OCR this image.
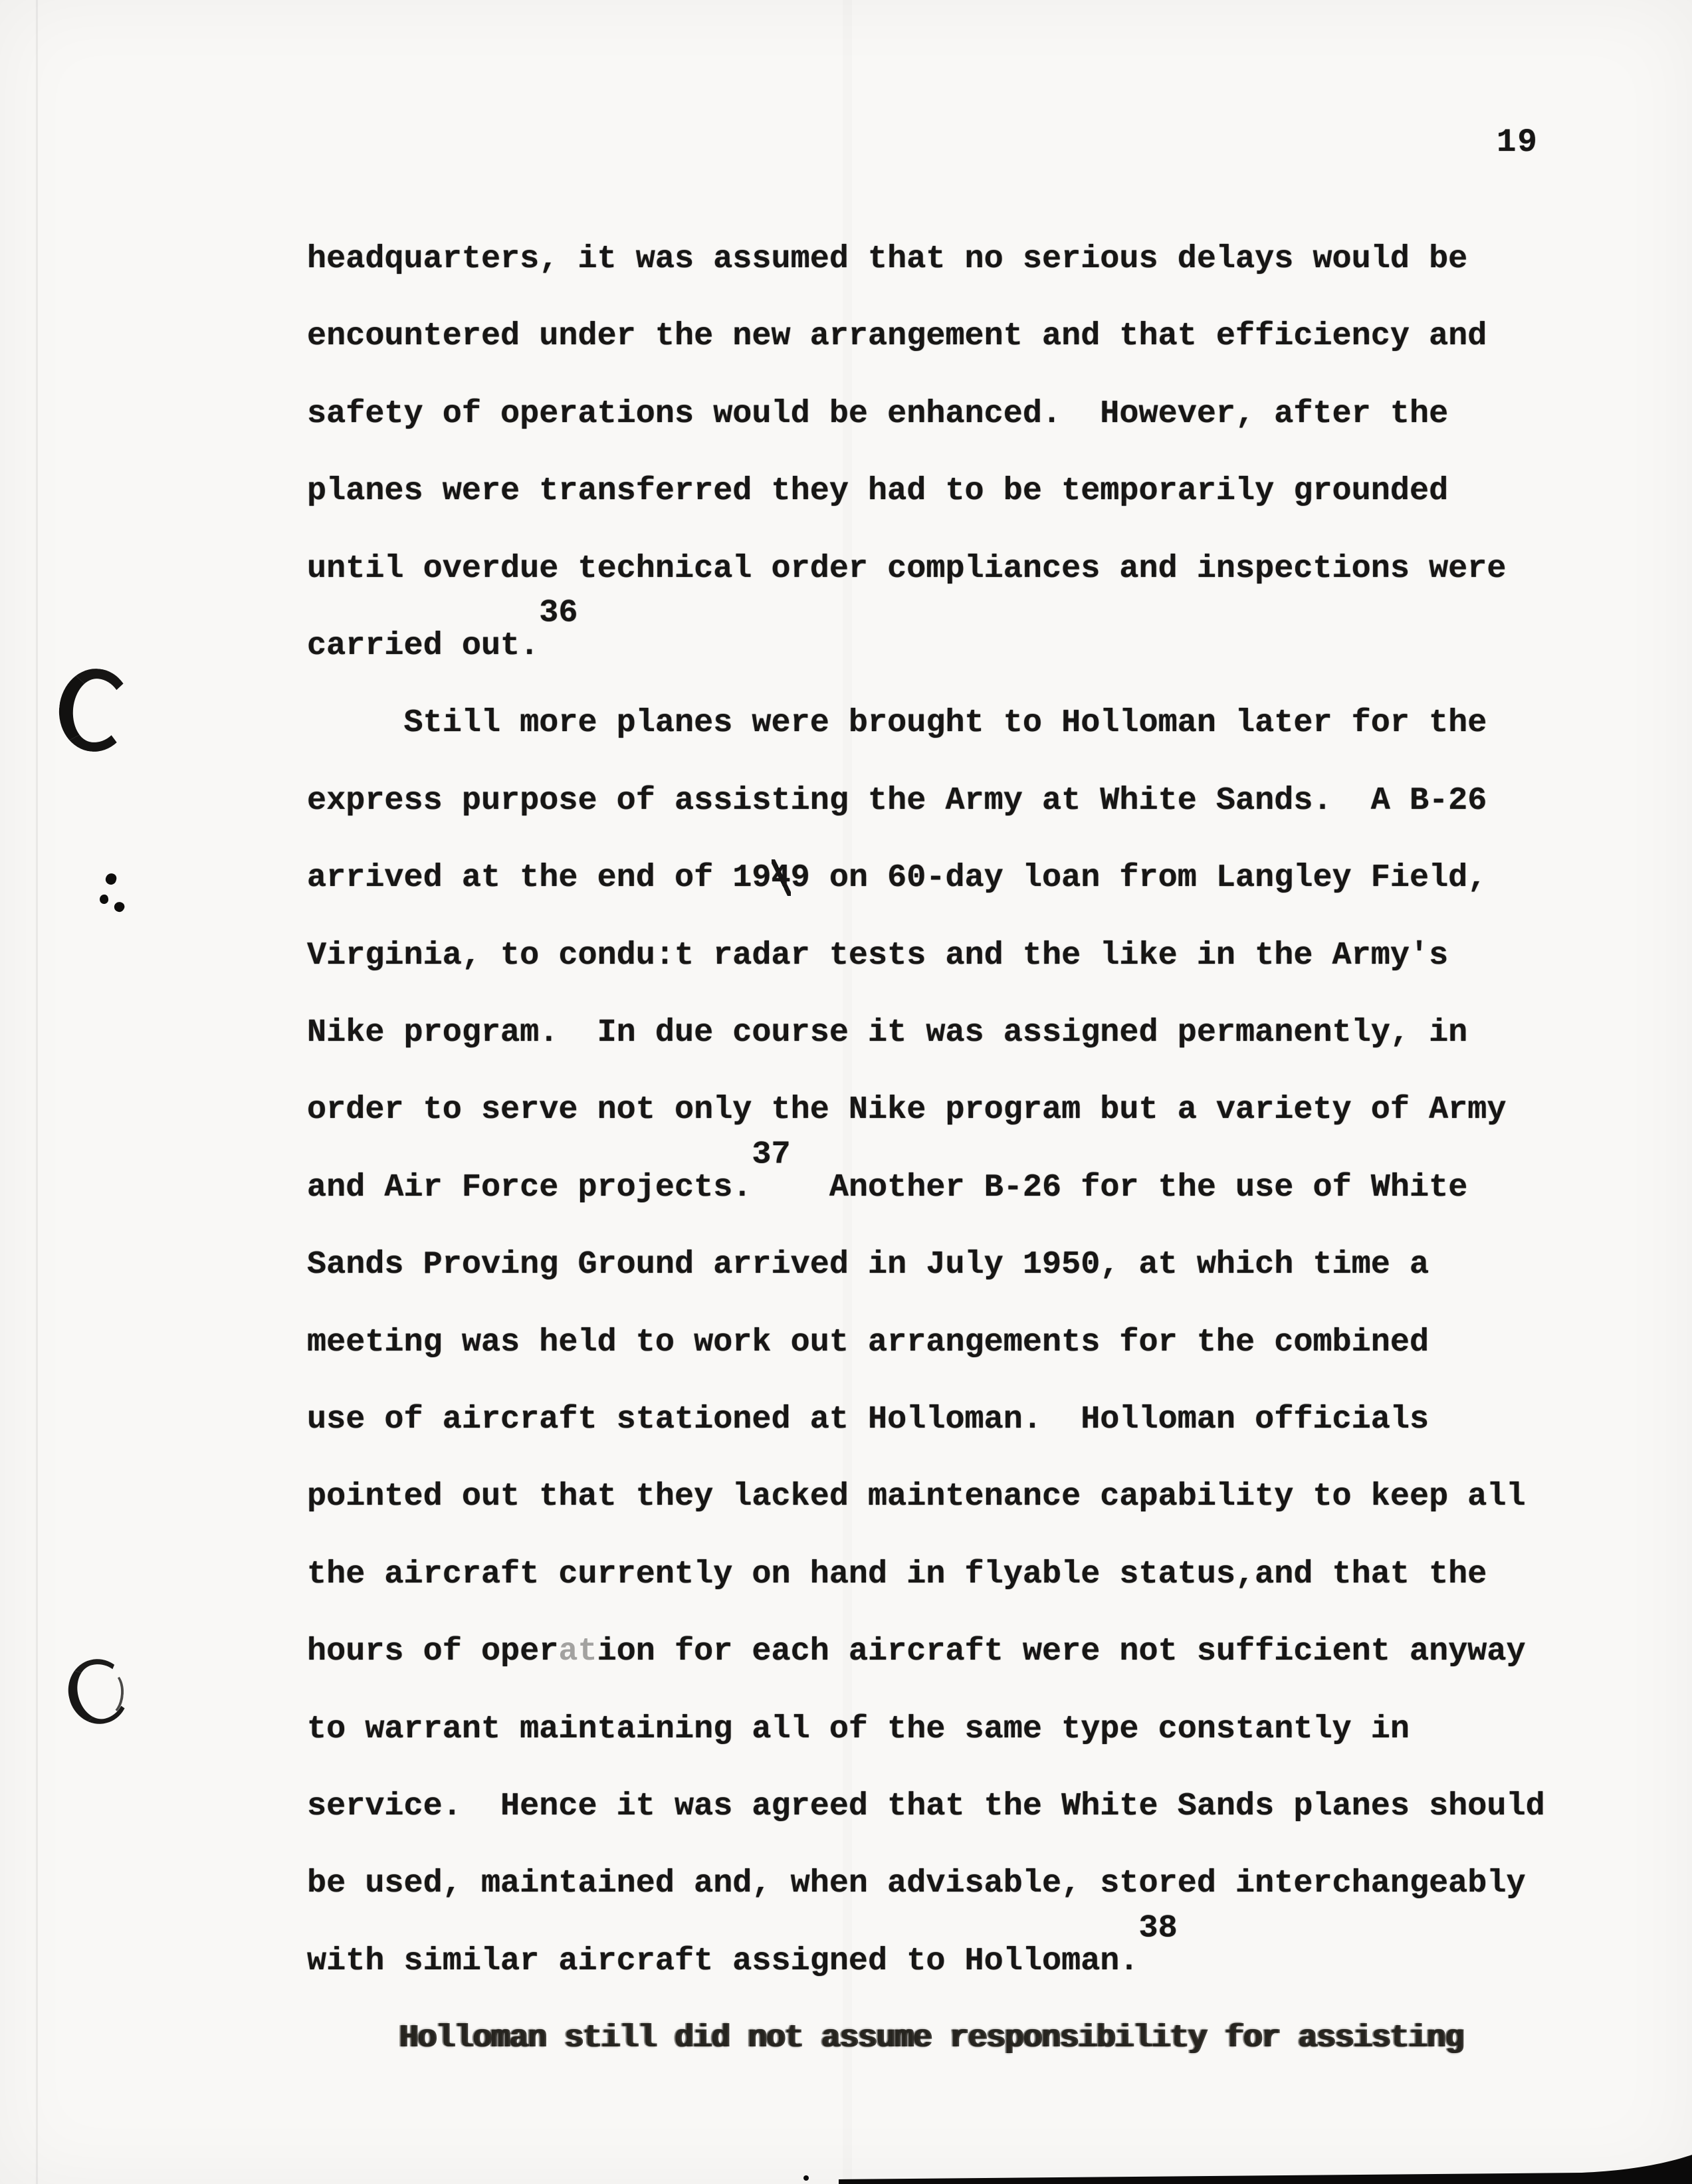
19
headquarters, it was assumed that no serious delays would be
encountered under the new arrangement and that efficiency and
safety of operations would be enhanced.  However, after the
planes were transferred they had to be temporarily grounded
until overdue technical order compliances and inspections were
carried out.36
Still more planes were brought to Holloman later for the
express purpose of assisting the Army at White Sands.  A B-26
arrived at the end of 1949 on 60-day loan from Langley Field,
Virginia, to condu:t radar tests and the like in the Army's
Nike program.  In due course it was assigned permanently, in
order to serve not only the Nike program but a variety of Army
and Air Force projects.37  Another B-26 for the use of White
Sands Proving Ground arrived in July 1950, at which time a
meeting was held to work out arrangements for the combined
use of aircraft stationed at Holloman.  Holloman officials
pointed out that they lacked maintenance capability to keep all
the aircraft currently on hand in flyable status,and that the
hours of operation for each aircraft were not sufficient anyway
to warrant maintaining all of the same type constantly in
service.  Hence it was agreed that the White Sands planes should
be used, maintained and, when advisable, stored interchangeably
with similar aircraft assigned to Holloman.38
Holloman still did not assume responsibility for assisting
